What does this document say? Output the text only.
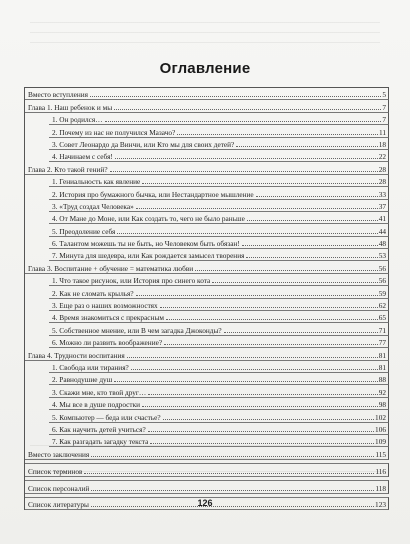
Оглавление
Вместо вступления	5
Глава 1. Наш ребенок и мы	7
1. Он родился…	7
2. Почему из нас не получился Мазачо?	11
3. Совет Леонардо да Винчи, или Кто мы для своих детей?	18
4. Начинаем с себя!	22
Глава 2. Кто такой гений?	28
1. Гениальность как явление	28
2. История про бумажного бычка, или Нестандартное мышление	33
3. «Труд создал Человека»	37
4. От Мане до Моне, или Как создать то, чего не было раньше	41
5. Преодоление себя	44
6. Талантом можешь ты не быть, но Человеком быть обязан!	48
7. Минута для шедевра, или Как рождается замысел творения	53
Глава 3. Воспитание + обучение = математика любви	56
1. Что такое рисунок, или История про синего кота	56
2. Как не сломать крылья?	59
3. Еще раз о наших возможностях	62
4. Время знакомиться с прекрасным	65
5. Собственное мнение, или В чем загадка Джоконды?	71
6. Можно ли развить воображение?	77
Глава 4. Трудности воспитания	81
1. Свобода или тирания?	81
2. Равнодушие душ	88
3. Скажи мне, кто твой друг…	92
4. Мы все в душе подростки	98
5. Компьютер — беда или счастье?	102
6. Как научить детей учиться?	106
7. Как разгадать загадку текста	109
Вместо заключения	115
Список терминов	116
Список персоналий	118
Список литературы	123
126
